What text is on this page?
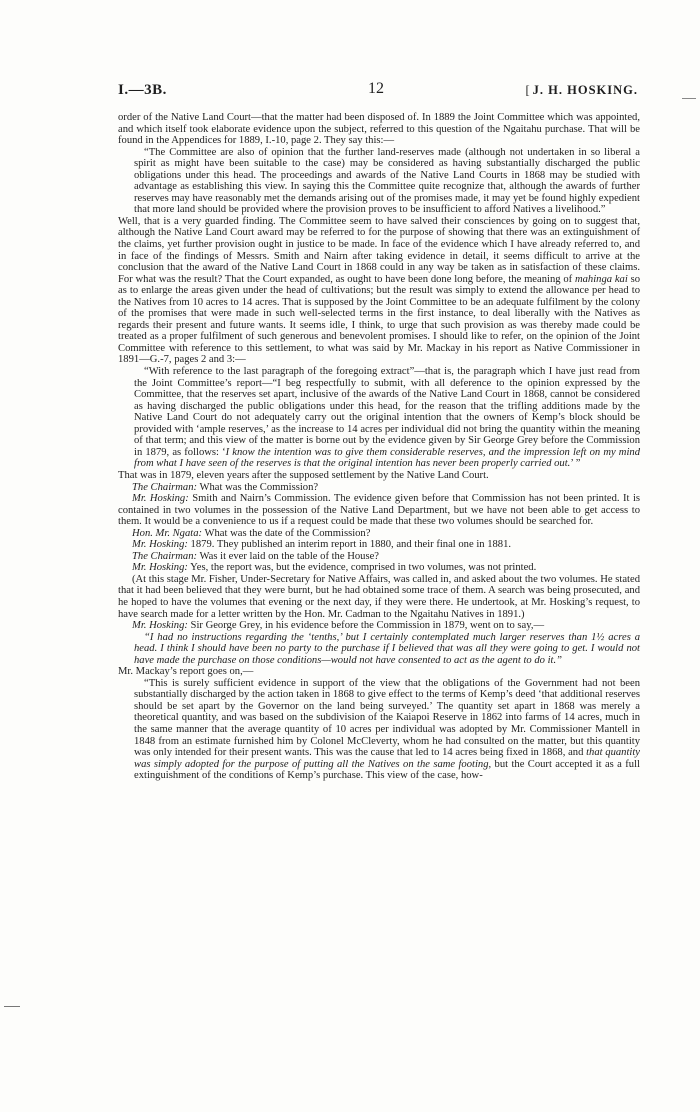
I.—3B.	12	[ J. H. HOSKING.

order of the Native Land Court—that the matter had been disposed of. In 1889 the Joint Committee which was appointed, and which itself took elaborate evidence upon the subject, referred to this question of the Ngaitahu purchase. That will be found in the Appendices for 1889, I.-10, page 2. They say this:—

“The Committee are also of opinion that the further land-reserves made (although not undertaken in so liberal a spirit as might have been suitable to the case) may be considered as having substantially discharged the public obligations under this head. The proceedings and awards of the Native Land Courts in 1868 may be studied with advantage as establishing this view. In saying this the Committee quite recognize that, although the awards of further reserves may have reasonably met the demands arising out of the promises made, it may yet be found highly expedient that more land should be provided where the provision proves to be insufficient to afford Natives a livelihood.”

Well, that is a very guarded finding. The Committee seem to have salved their consciences by going on to suggest that, although the Native Land Court award may be referred to for the purpose of showing that there was an extinguishment of the claims, yet further provision ought in justice to be made. In face of the evidence which I have already referred to, and in face of the findings of Messrs. Smith and Nairn after taking evidence in detail, it seems difficult to arrive at the conclusion that the award of the Native Land Court in 1868 could in any way be taken as in satisfaction of these claims. For what was the result? That the Court expanded, as ought to have been done long before, the meaning of mahinga kai so as to enlarge the areas given under the head of cultivations; but the result was simply to extend the allowance per head to the Natives from 10 acres to 14 acres. That is supposed by the Joint Committee to be an adequate fulfilment by the colony of the promises that were made in such well-selected terms in the first instance, to deal liberally with the Natives as regards their present and future wants. It seems idle, I think, to urge that such provision as was thereby made could be treated as a proper fulfilment of such generous and benevolent promises. I should like to refer, on the opinion of the Joint Committee with reference to this settlement, to what was said by Mr. Mackay in his report as Native Commissioner in 1891—G.-7, pages 2 and 3:—

“With reference to the last paragraph of the foregoing extract”—that is, the paragraph which I have just read from the Joint Committee’s report—“I beg respectfully to submit, with all deference to the opinion expressed by the Committee, that the reserves set apart, inclusive of the awards of the Native Land Court in 1868, cannot be considered as having discharged the public obligations under this head, for the reason that the trifling additions made by the Native Land Court do not adequately carry out the original intention that the owners of Kemp’s block should be provided with ‘ample reserves,’ as the increase to 14 acres per individual did not bring the quantity within the meaning of that term; and this view of the matter is borne out by the evidence given by Sir George Grey before the Commission in 1879, as follows: ‘I know the intention was to give them considerable reserves, and the impression left on my mind from what I have seen of the reserves is that the original intention has never been properly carried out.’ ”

That was in 1879, eleven years after the supposed settlement by the Native Land Court.

The Chairman: What was the Commission?

Mr. Hosking: Smith and Nairn’s Commission. The evidence given before that Commission has not been printed. It is contained in two volumes in the possession of the Native Land Department, but we have not been able to get access to them. It would be a convenience to us if a request could be made that these two volumes should be searched for.

Hon. Mr. Ngata: What was the date of the Commission?

Mr. Hosking: 1879. They published an interim report in 1880, and their final one in 1881.

The Chairman: Was it ever laid on the table of the House?

Mr. Hosking: Yes, the report was, but the evidence, comprised in two volumes, was not printed.

(At this stage Mr. Fisher, Under-Secretary for Native Affairs, was called in, and asked about the two volumes. He stated that it had been believed that they were burnt, but he had obtained some trace of them. A search was being prosecuted, and he hoped to have the volumes that evening or the next day, if they were there. He undertook, at Mr. Hosking’s request, to have search made for a letter written by the Hon. Mr. Cadman to the Ngaitahu Natives in 1891.)

Mr. Hosking: Sir George Grey, in his evidence before the Commission in 1879, went on to say,—

“I had no instructions regarding the ‘tenths,’ but I certainly contemplated much larger reserves than 1½ acres a head. I think I should have been no party to the purchase if I believed that was all they were going to get. I would not have made the purchase on those conditions—would not have consented to act as the agent to do it.”

Mr. Mackay’s report goes on,—

“This is surely sufficient evidence in support of the view that the obligations of the Government had not been substantially discharged by the action taken in 1868 to give effect to the terms of Kemp’s deed ‘that additional reserves should be set apart by the Governor on the land being surveyed.’ The quantity set apart in 1868 was merely a theoretical quantity, and was based on the subdivision of the Kaiapoi Reserve in 1862 into farms of 14 acres, much in the same manner that the average quantity of 10 acres per individual was adopted by Mr. Commissioner Mantell in 1848 from an estimate furnished him by Colonel McCleverty, whom he had consulted on the matter, but this quantity was only intended for their present wants. This was the cause that led to 14 acres being fixed in 1868, and that quantity was simply adopted for the purpose of putting all the Natives on the same footing, but the Court accepted it as a full extinguishment of the conditions of Kemp’s purchase. This view of the case, how-
